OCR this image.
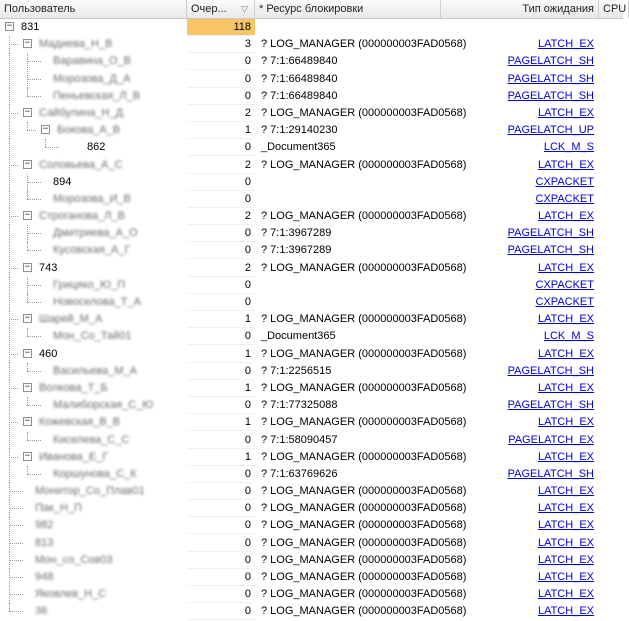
Пользователь	Очер... ▽	* Ресурс блокировки	Тип ожидания CPU
− 831	118
− Мадиева_Н_В	3 ? LOG_MANAGER (000000003FAD0568)	LATCH_EX
Варавина_О_В	0 ? 7:1:66489840	PAGELATCH_SH
Морозова_Д_А	0 ? 7:1:66489840	PAGELATCH_SH
Пеньевская_Л_В	0 ? 7:1:66489840	PAGELATCH_SH
− Сайбулина_Н_Д	2 ? LOG_MANAGER (000000003FAD0568)	LATCH_EX
− Бокова_А_В	1 ? 7:1:29140230	PAGELATCH_UP
862	0 _Document365	LCK_M_S
− Соловьева_А_С	2 ? LOG_MANAGER (000000003FAD0568)	LATCH_EX
894	0	CXPACKET
Морозова_И_В	0	CXPACKET
− Строганова_Л_В	2 ? LOG_MANAGER (000000003FAD0568)	LATCH_EX
Дмитриева_А_О	0 ? 7:1:3967289	PAGELATCH_SH
Кусовская_А_Г	0 ? 7:1:3967289	PAGELATCH_SH
− 743	2 ? LOG_MANAGER (000000003FAD0568)	LATCH_EX
Грицяко_Ю_П	0	CXPACKET
Новоселова_Т_А	0	CXPACKET
− Шарей_М_А	1 ? LOG_MANAGER (000000003FAD0568)	LATCH_EX
Мон_Со_Тай01	0 _Document365	LCK_M_S
− 460	1 ? LOG_MANAGER (000000003FAD0568)	LATCH_EX
Васильева_М_А	0 ? 7:1:2256515	PAGELATCH_SH
− Волкова_Т_Б	1 ? LOG_MANAGER (000000003FAD0568)	LATCH_EX
Малиборская_С_Ю	0 ? 7:1:77325088	PAGELATCH_SH
− Кожевская_В_В	1 ? LOG_MANAGER (000000003FAD0568)	LATCH_EX
Киселева_С_С	0 ? 7:1:58090457	PAGELATCH_EX
− Иванова_Е_Г	1 ? LOG_MANAGER (000000003FAD0568)	LATCH_EX
Коршунова_С_К	0 ? 7:1:63769626	PAGELATCH_SH
Монитор_Со_Плав01	0 ? LOG_MANAGER (000000003FAD0568)	LATCH_EX
Пак_Н_П	0 ? LOG_MANAGER (000000003FAD0568)	LATCH_EX
982	0 ? LOG_MANAGER (000000003FAD0568)	LATCH_EX
813	0 ? LOG_MANAGER (000000003FAD0568)	LATCH_EX
Мон_со_Сов03	0 ? LOG_MANAGER (000000003FAD0568)	LATCH_EX
948	0 ? LOG_MANAGER (000000003FAD0568)	LATCH_EX
Яковлев_Н_С	0 ? LOG_MANAGER (000000003FAD0568)	LATCH_EX
36	0 ? LOG_MANAGER (000000003FAD0568)	LATCH_EX
